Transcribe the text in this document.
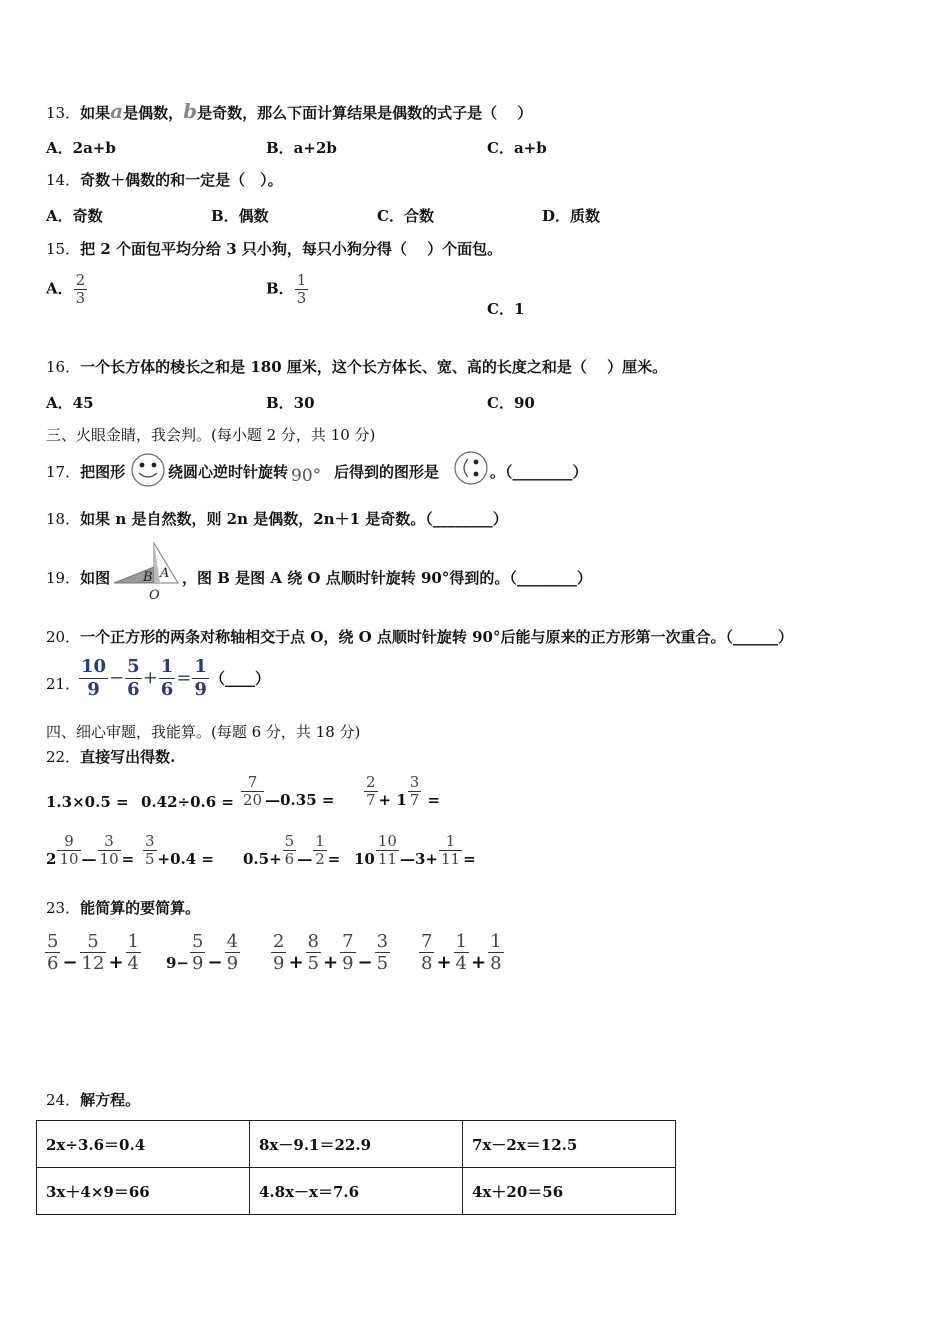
13．如果a是偶数，b是奇数，那么下面计算结果是偶数的式子是（　 ）
A．2a+b	B．a+2b	C．a+b
14．奇数＋偶数的和一定是（　）。
A．奇数	B．偶数	C．合数	D．质数
15．把 2 个面包平均分给 3 只小狗，每只小狗分得（　 ）个面包。
A． $\frac{2}{3}$	B． $\frac{1}{3}$
C．1
16．一个长方体的棱长之和是 180 厘米，这个长方体长、宽、高的长度之和是（　 ）厘米。
A．45	B．30	C．90
三、火眼金睛，我会判。(每小题 2 分，共 10 分)
17．把图形	绕圆心逆时针旋转 90° 后得到的图形是	。（________）
18．如果 n 是自然数，则 2n 是偶数，2n＋1 是奇数。（________）
19．如图	B A
O
，图 B 是图 A 绕 O 点顺时针旋转 90°得到的。（________）
20．一个正方形的两条对称轴相交于点 O，绕 O 点顺时针旋转 90°后能与原来的正方形第一次重合。（______）
21．
$\frac{10}{9} - \frac{5}{6} + \frac{1}{6} = \frac{1}{9}$ （____）
四、细心审题，我能算。(每题 6 分，共 18 分)
22．直接写出得数.
$1.3\times 0.5 = 0.42\div 0.6 = \frac{7}{20}$ —0.35 = $\frac{2}{7} + 1 \frac{3}{7}$ =
$2 \frac{9}{10}$ — $\frac{3}{10} = \frac{3}{5} +0.4 = 0.5+ \frac{5}{6}$ — $\frac{1}{2} = 10 \frac{10}{11}$ —3+ $\frac{1}{11}$ =
23．能简算的要简算。
$\frac{5}{6} - \frac{5}{12} + \frac{1}{4} _{9-} \frac{5}{9} - \frac{4}{9} \frac{2}{9} + \frac{8}{5} + \frac{7}{9} - \frac{3}{5} \frac{7}{8} + \frac{1}{4} + \frac{1}{8}$
24．解方程。
2x÷3.6＝0.4	8x－9.1＝22.9	7x－2x＝12.5
3x＋4×9＝66	4.8x－x＝7.6	4x＋20＝56
